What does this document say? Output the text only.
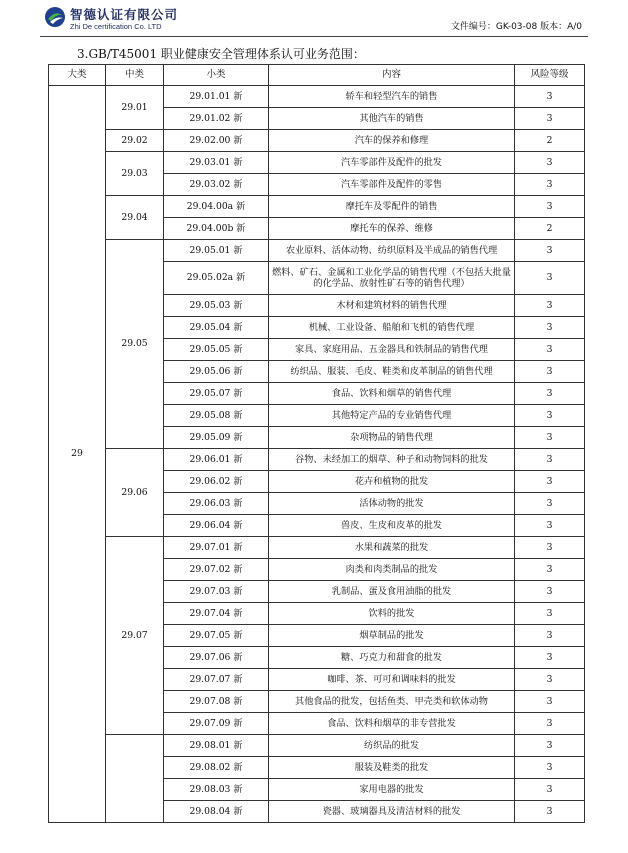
智德认证有限公司
Zhi De certification Co. LTD	文件编号：GK-03-08 版本：A/0
3.GB/T45001 职业健康安全管理体系认可业务范围：
大类	中类	小类	内容	风险等级
29	29.01	29.01.01 新	轿车和轻型汽车的销售	3
		29.01.02 新	其他汽车的销售	3
	29.02	29.02.00 新	汽车的保养和修理	2
	29.03	29.03.01 新	汽车零部件及配件的批发	3
		29.03.02 新	汽车零部件及配件的零售	3
	29.04	29.04.00a 新	摩托车及零配件的销售	3
		29.04.00b 新	摩托车的保养、维修	2
	29.05	29.05.01 新	农业原料、活体动物、纺织原料及半成品的销售代理	3
		29.05.02a 新	燃料、矿石、金属和工业化学品的销售代理（不包括大批量的化学品、放射性矿石等的销售代理）	3
		29.05.03 新	木材和建筑材料的销售代理	3
		29.05.04 新	机械、工业设备、船舶和飞机的销售代理	3
		29.05.05 新	家具、家庭用品、五金器具和铁制品的销售代理	3
		29.05.06 新	纺织品、服装、毛皮、鞋类和皮革制品的销售代理	3
		29.05.07 新	食品、饮料和烟草的销售代理	3
		29.05.08 新	其他特定产品的专业销售代理	3
		29.05.09 新	杂项物品的销售代理	3
	29.06	29.06.01 新	谷物、未经加工的烟草、种子和动物饲料的批发	3
		29.06.02 新	花卉和植物的批发	3
		29.06.03 新	活体动物的批发	3
		29.06.04 新	兽皮、生皮和皮革的批发	3
	29.07	29.07.01 新	水果和蔬菜的批发	3
		29.07.02 新	肉类和肉类制品的批发	3
		29.07.03 新	乳制品、蛋及食用油脂的批发	3
		29.07.04 新	饮料的批发	3
		29.07.05 新	烟草制品的批发	3
		29.07.06 新	糖、巧克力和甜食的批发	3
		29.07.07 新	咖啡、茶、可可和调味料的批发	3
		29.07.08 新	其他食品的批发，包括鱼类、甲壳类和软体动物	3
		29.07.09 新	食品、饮料和烟草的非专营批发	3
		29.08.01 新	纺织品的批发	3
		29.08.02 新	服装及鞋类的批发	3
		29.08.03 新	家用电器的批发	3
		29.08.04 新	瓷器、玻璃器具及清洁材料的批发	3
